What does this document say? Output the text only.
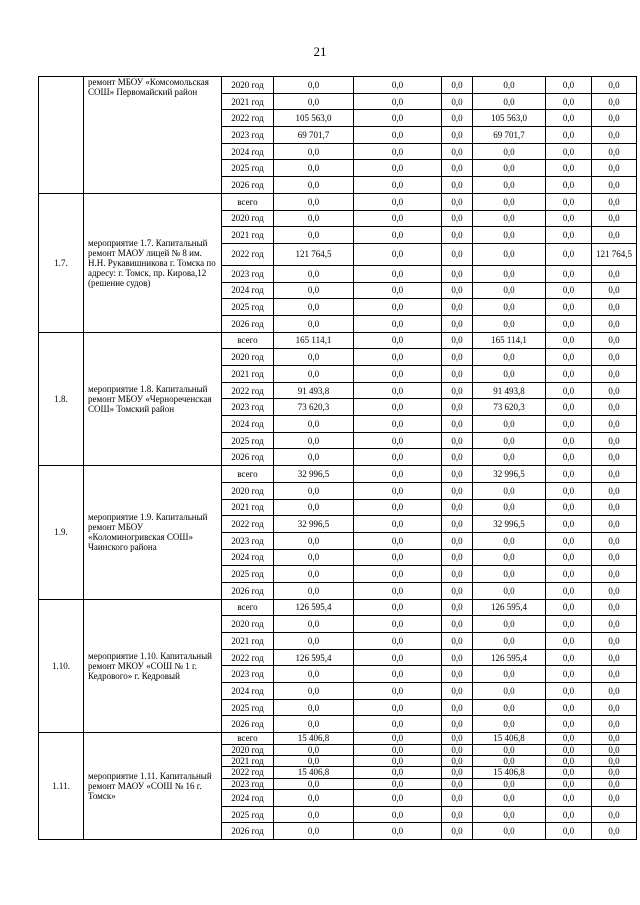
21
	ремонт МБОУ «Комсомольская СОШ» Первомайский район	2020 год	0,0	0,0	0,0	0,0	0,0	0,0
		2021 год	0,0	0,0	0,0	0,0	0,0	0,0
		2022 год	105 563,0	0,0	0,0	105 563,0	0,0	0,0
		2023 год	69 701,7	0,0	0,0	69 701,7	0,0	0,0
		2024 год	0,0	0,0	0,0	0,0	0,0	0,0
		2025 год	0,0	0,0	0,0	0,0	0,0	0,0
		2026 год	0,0	0,0	0,0	0,0	0,0	0,0
1.7.	мероприятие 1.7. Капитальный ремонт МАОУ лицей № 8 им. Н.Н. Рукавишникова г. Томска по адресу: г. Томск, пр. Кирова,12 (решение судов)	всего	0,0	0,0	0,0	0,0	0,0	0,0
		2020 год	0,0	0,0	0,0	0,0	0,0	0,0
		2021 год	0,0	0,0	0,0	0,0	0,0	0,0
		2022 год	121 764,5	0,0	0,0	0,0	0,0	121 764,5
		2023 год	0,0	0,0	0,0	0,0	0,0	0,0
		2024 год	0,0	0,0	0,0	0,0	0,0	0,0
		2025 год	0,0	0,0	0,0	0,0	0,0	0,0
		2026 год	0,0	0,0	0,0	0,0	0,0	0,0
1.8.	мероприятие 1.8. Капитальный ремонт МБОУ «Чернореченская СОШ» Томский район	всего	165 114,1	0,0	0,0	165 114,1	0,0	0,0
		2020 год	0,0	0,0	0,0	0,0	0,0	0,0
		2021 год	0,0	0,0	0,0	0,0	0,0	0,0
		2022 год	91 493,8	0,0	0,0	91 493,8	0,0	0,0
		2023 год	73 620,3	0,0	0,0	73 620,3	0,0	0,0
		2024 год	0,0	0,0	0,0	0,0	0,0	0,0
		2025 год	0,0	0,0	0,0	0,0	0,0	0,0
		2026 год	0,0	0,0	0,0	0,0	0,0	0,0
1.9.	мероприятие 1.9. Капитальный ремонт МБОУ «Коломиногривская СОШ» Чаинского района	всего	32 996,5	0,0	0,0	32 996,5	0,0	0,0
		2020 год	0,0	0,0	0,0	0,0	0,0	0,0
		2021 год	0,0	0,0	0,0	0,0	0,0	0,0
		2022 год	32 996,5	0,0	0,0	32 996,5	0,0	0,0
		2023 год	0,0	0,0	0,0	0,0	0,0	0,0
		2024 год	0,0	0,0	0,0	0,0	0,0	0,0
		2025 год	0,0	0,0	0,0	0,0	0,0	0,0
		2026 год	0,0	0,0	0,0	0,0	0,0	0,0
1.10.	мероприятие 1.10. Капитальный ремонт МКОУ «СОШ № 1 г. Кедрового» г. Кедровый	всего	126 595,4	0,0	0,0	126 595,4	0,0	0,0
		2020 год	0,0	0,0	0,0	0,0	0,0	0,0
		2021 год	0,0	0,0	0,0	0,0	0,0	0,0
		2022 год	126 595,4	0,0	0,0	126 595,4	0,0	0,0
		2023 год	0,0	0,0	0,0	0,0	0,0	0,0
		2024 год	0,0	0,0	0,0	0,0	0,0	0,0
		2025 год	0,0	0,0	0,0	0,0	0,0	0,0
		2026 год	0,0	0,0	0,0	0,0	0,0	0,0
1.11.	мероприятие 1.11. Капитальный ремонт МАОУ «СОШ № 16 г. Томск»	всего	15 406,8	0,0	0,0	15 406,8	0,0	0,0
		2020 год	0,0	0,0	0,0	0,0	0,0	0,0
		2021 год	0,0	0,0	0,0	0,0	0,0	0,0
		2022 год	15 406,8	0,0	0,0	15 406,8	0,0	0,0
		2023 год	0,0	0,0	0,0	0,0	0,0	0,0
		2024 год	0,0	0,0	0,0	0,0	0,0	0,0
		2025 год	0,0	0,0	0,0	0,0	0,0	0,0
		2026 год	0,0	0,0	0,0	0,0	0,0	0,0
